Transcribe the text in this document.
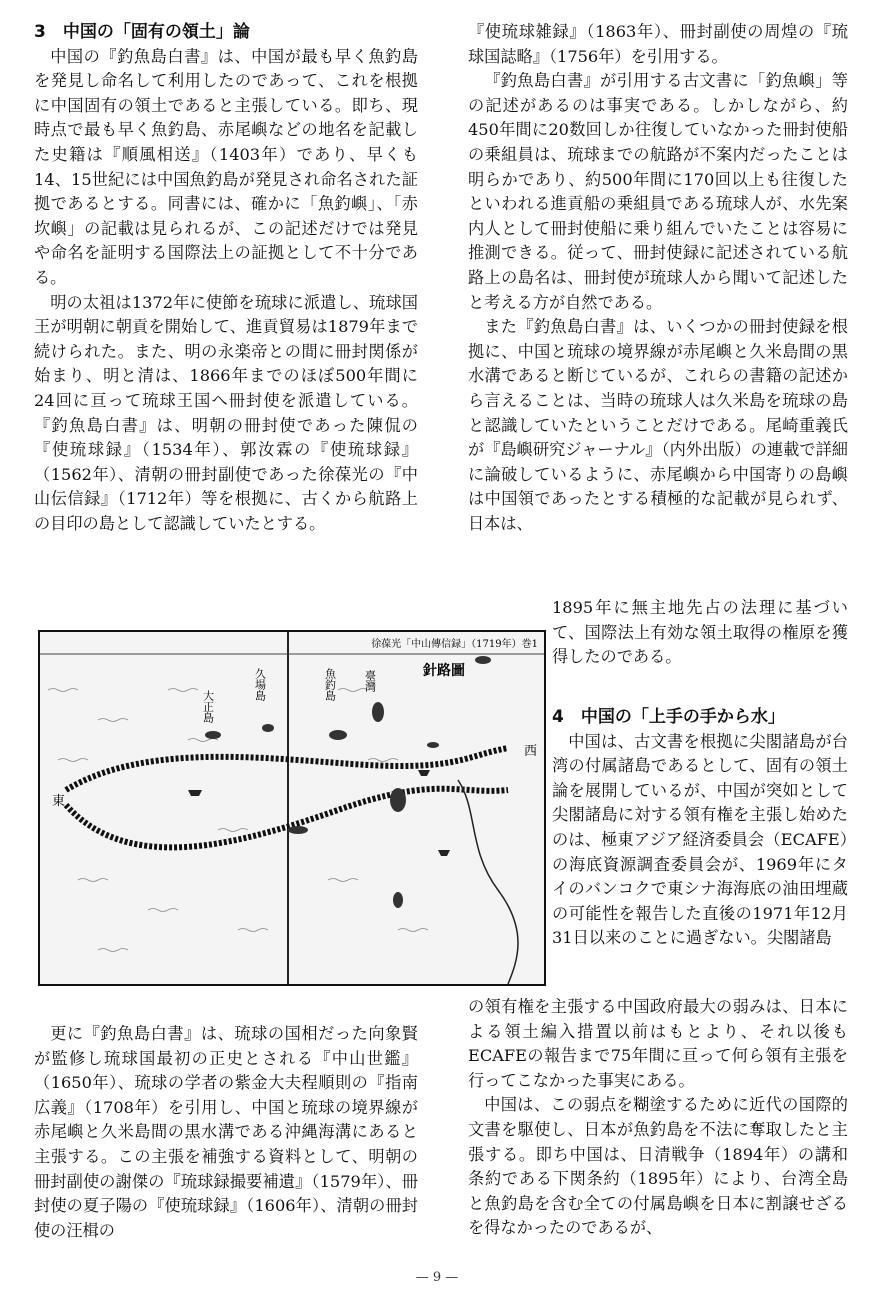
3　中国の「固有の領土」論

中国の『釣魚島白書』は、中国が最も早く魚釣島を発見し命名して利用したのであって、これを根拠に中国固有の領土であると主張している。即ち、現時点で最も早く魚釣島、赤尾嶼などの地名を記載した史籍は『順風相送』（1403年）であり、早くも14、15世紀には中国魚釣島が発見され命名された証拠であるとする。同書には、確かに「魚釣嶼」、「赤坎嶼」の記載は見られるが、この記述だけでは発見や命名を証明する国際法上の証拠として不十分である。

明の太祖は1372年に使節を琉球に派遣し、琉球国王が明朝に朝貢を開始して、進貢貿易は1879年まで続けられた。また、明の永楽帝との間に冊封関係が始まり、明と清は、1866年までのほぼ500年間に24回に亘って琉球王国へ冊封使を派遣している。『釣魚島白書』は、明朝の冊封使であった陳侃の『使琉球録』（1534年）、郭汝霖の『使琉球録』（1562年）、清朝の冊封副使であった徐葆光の『中山伝信録』（1712年）等を根拠に、古くから航路上の目印の島として認識していたとする。

徐葆光「中山傳信録」（1719年）巻1
針路圖
大正島
久場島	魚釣島 臺灣
東
西

更に『釣魚島白書』は、琉球の国相だった向象賢が監修し琉球国最初の正史とされる『中山世鑑』（1650年）、琉球の学者の紫金大夫程順則の『指南広義』（1708年）を引用し、中国と琉球の境界線が赤尾嶼と久米島間の黒水溝である沖縄海溝にあると主張する。この主張を補強する資料として、明朝の冊封副使の謝傑の『琉球録撮要補遺』（1579年）、冊封使の夏子陽の『使琉球録』（1606年）、清朝の冊封使の汪楫の

『使琉球雑録』（1863年）、冊封副使の周煌の『琉球国誌略』（1756年）を引用する。

『釣魚島白書』が引用する古文書に「釣魚嶼」等の記述があるのは事実である。しかしながら、約450年間に20数回しか往復していなかった冊封使船の乗組員は、琉球までの航路が不案内だったことは明らかであり、約500年間に170回以上も往復したといわれる進貢船の乗組員である琉球人が、水先案内人として冊封使船に乗り組んでいたことは容易に推測できる。従って、冊封使録に記述されている航路上の島名は、冊封使が琉球人から聞いて記述したと考える方が自然である。

また『釣魚島白書』は、いくつかの冊封使録を根拠に、中国と琉球の境界線が赤尾嶼と久米島間の黒水溝であると断じているが、これらの書籍の記述から言えることは、当時の琉球人は久米島を琉球の島と認識していたということだけである。尾崎重義氏が『島嶼研究ジャーナル』（内外出版）の連載で詳細に論破しているように、赤尾嶼から中国寄りの島嶼は中国領であったとする積極的な記載が見られず、日本は、

1895年に無主地先占の法理に基づいて、国際法上有効な領土取得の権原を獲得したのである。

4　中国の「上手の手から水」

中国は、古文書を根拠に尖閣諸島が台湾の付属諸島であるとして、固有の領土論を展開しているが、中国が突如として尖閣諸島に対する領有権を主張し始めたのは、極東アジア経済委員会（ECAFE）の海底資源調査委員会が、1969年にタイのバンコクで東シナ海海底の油田埋蔵の可能性を報告した直後の1971年12月31日以来のことに過ぎない。尖閣諸島

の領有権を主張する中国政府最大の弱みは、日本による領土編入措置以前はもとより、それ以後もECAFEの報告まで75年間に亘って何ら領有主張を行ってこなかった事実にある。

中国は、この弱点を糊塗するために近代の国際的文書を駆使し、日本が魚釣島を不法に奪取したと主張する。即ち中国は、日清戦争（1894年）の講和条約である下関条約（1895年）により、台湾全島と魚釣島を含む全ての付属島嶼を日本に割譲せざるを得なかったのであるが、

— 9 —
